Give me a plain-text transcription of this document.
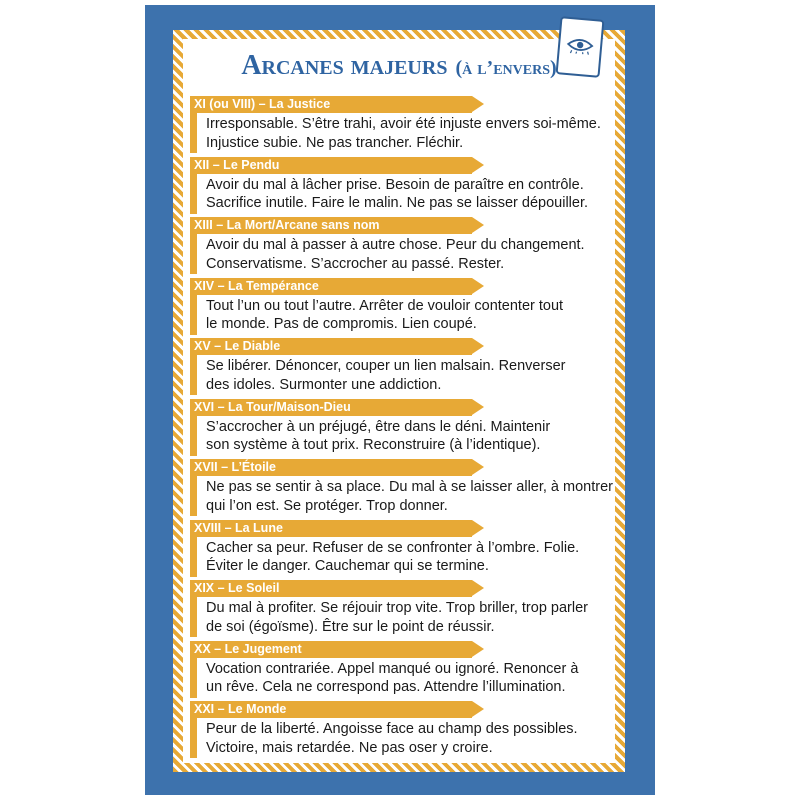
Arcanes majeurs (à l’envers)
XI (ou VIII) – La Justice
Irresponsable. S’être trahi, avoir été injuste envers soi-même.
Injustice subie. Ne pas trancher. Fléchir.
XII – Le Pendu
Avoir du mal à lâcher prise. Besoin de paraître en contrôle.
Sacrifice inutile. Faire le malin. Ne pas se laisser dépouiller.
XIII – La Mort/Arcane sans nom
Avoir du mal à passer à autre chose. Peur du changement.
Conservatisme. S’accrocher au passé. Rester.
XIV – La Tempérance
Tout l’un ou tout l’autre. Arrêter de vouloir contenter tout
le monde. Pas de compromis. Lien coupé.
XV – Le Diable
Se libérer. Dénoncer, couper un lien malsain. Renverser
des idoles. Surmonter une addiction.
XVI – La Tour/Maison-Dieu
S’accrocher à un préjugé, être dans le déni. Maintenir
son système à tout prix. Reconstruire (à l’identique).
XVII – L’Étoile
Ne pas se sentir à sa place. Du mal à se laisser aller, à montrer
qui l’on est. Se protéger. Trop donner.
XVIII – La Lune
Cacher sa peur. Refuser de se confronter à l’ombre. Folie.
Éviter le danger. Cauchemar qui se termine.
XIX – Le Soleil
Du mal à profiter. Se réjouir trop vite. Trop briller, trop parler
de soi (égoïsme). Être sur le point de réussir.
XX – Le Jugement
Vocation contrariée. Appel manqué ou ignoré. Renoncer à
un rêve. Cela ne correspond pas. Attendre l’illumination.
XXI – Le Monde
Peur de la liberté. Angoisse face au champ des possibles.
Victoire, mais retardée. Ne pas oser y croire.
